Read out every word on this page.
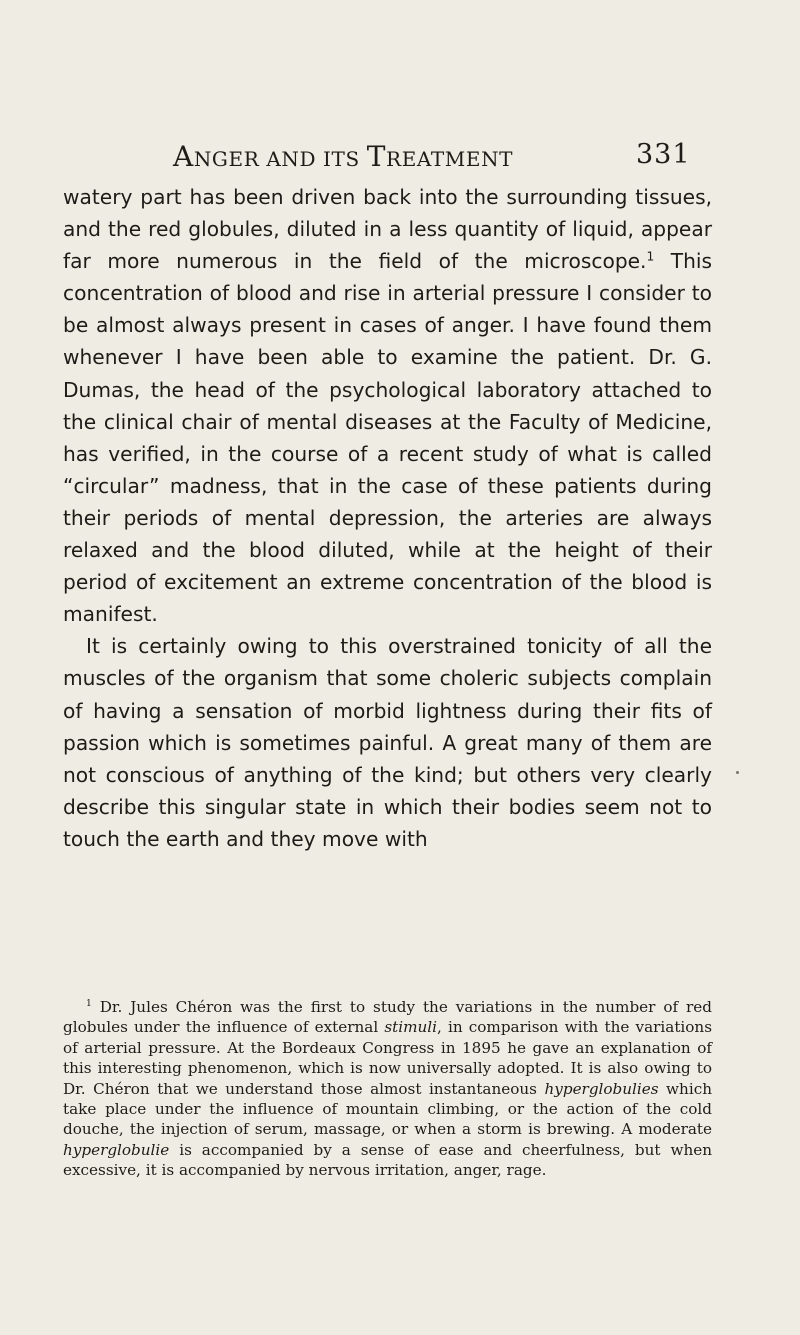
ANGER AND ITS TREATMENT	331

watery part has been driven back into the surrounding tissues, and the red globules, diluted in a less quantity of liquid, appear far more numerous in the field of the microscope.$^1$ This concentration of blood and rise in arterial pressure I consider to be almost always present in cases of anger. I have found them whenever I have been able to examine the patient. Dr. G. Dumas, the head of the psychological laboratory attached to the clinical chair of mental diseases at the Faculty of Medicine, has verified, in the course of a recent study of what is called “circular” madness, that in the case of these patients during their periods of mental depression, the arteries are always relaxed and the blood diluted, while at the height of their period of excitement an extreme concentration of the blood is manifest.

It is certainly owing to this overstrained tonicity of all the muscles of the organism that some choleric subjects complain of having a sensation of morbid lightness during their fits of passion which is sometimes painful. A great many of them are not conscious of anything of the kind; but others very clearly describe this singular state in which their bodies seem not to touch the earth and they move with

$^1$ Dr. Jules Chéron was the first to study the variations in the number of red globules under the influence of external stimuli, in comparison with the variations of arterial pressure. At the Bordeaux Congress in 1895 he gave an explanation of this interesting phenomenon, which is now universally adopted. It is also owing to Dr. Chéron that we understand those almost instantaneous hyperglobulies which take place under the influence of mountain climbing, or the action of the cold douche, the injection of serum, massage, or when a storm is brewing. A moderate hyperglobulie is accompanied by a sense of ease and cheerfulness, but when excessive, it is accompanied by nervous irritation, anger, rage.
